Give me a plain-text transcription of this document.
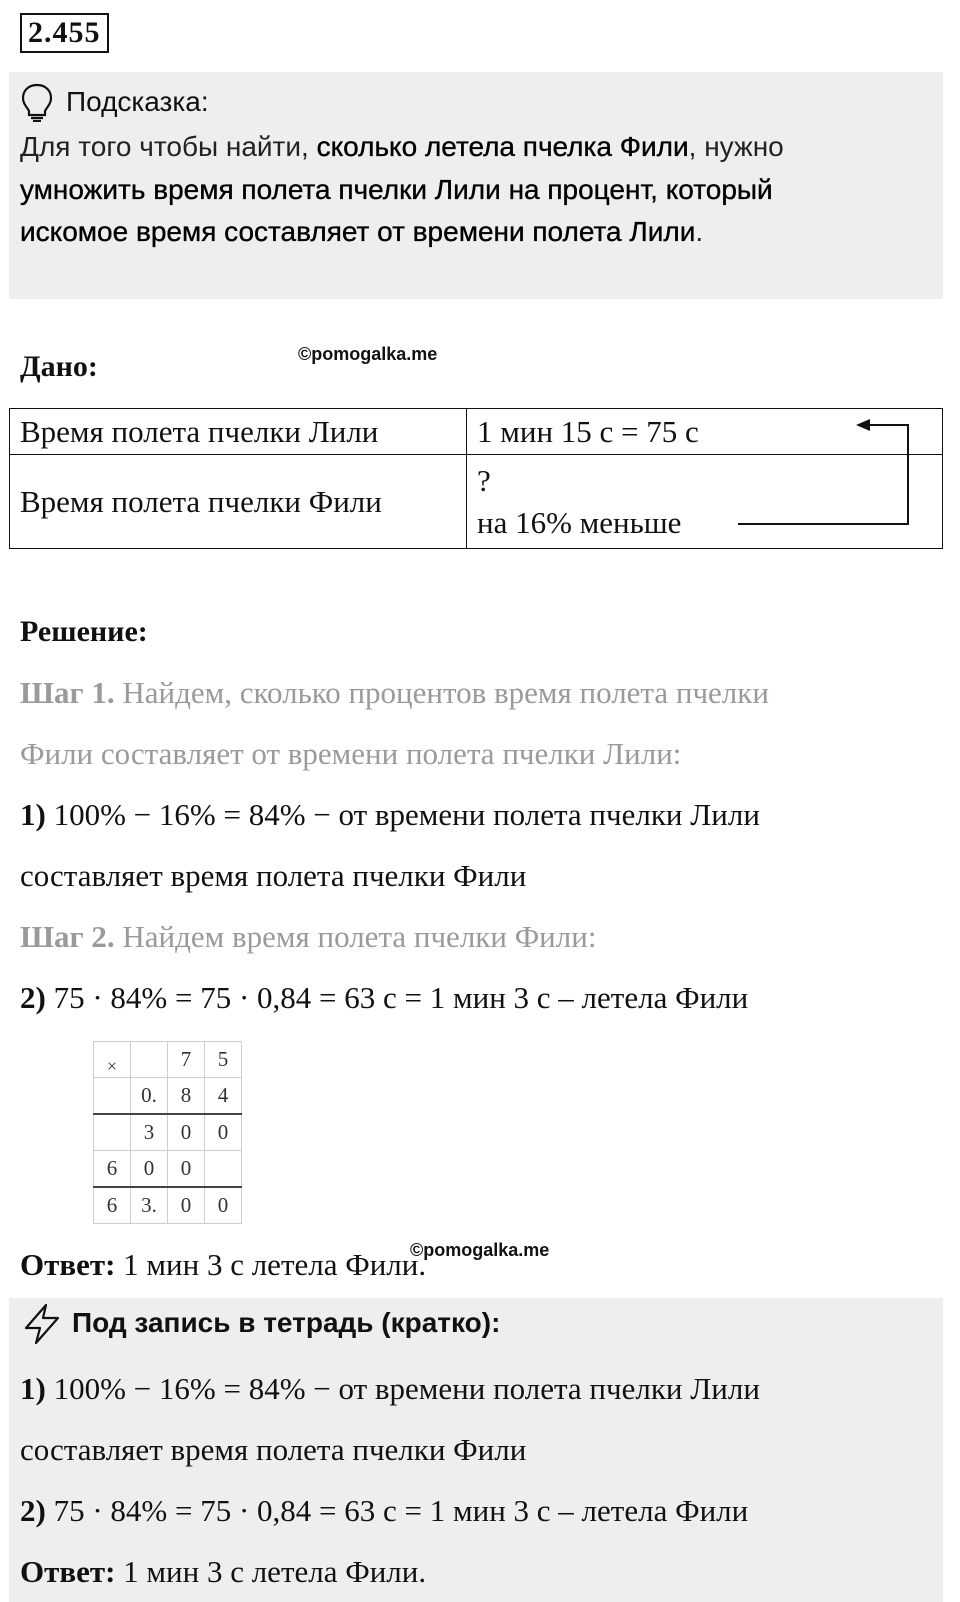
2.455
Подсказка:
Для того чтобы найти, сколько летела пчелка Фили, нужно
умножить время полета пчелки Лили на процент, который
искомое время составляет от времени полета Лили.
Дано:	©pomogalka.me
Время полета пчелки Лили	1 мин 15 с = 75 с
Время полета пчелки Фили	?
на 16% меньше
Решение:
Шаг 1. Найдем, сколько процентов время полета пчелки
Фили составляет от времени полета пчелки Лили:
1) 100% − 16% = 84% − от времени полета пчелки Лили
составляет время полета пчелки Фили
Шаг 2. Найдем время полета пчелки Фили:
2) 75 · 84% = 75 · 0,84 = 63 с = 1 мин 3 с – летела Фили
×		7	5
	0.	8	4
	3	0	0
6	0	0	
6	3.	0	0
Ответ: 1 мин 3 с летела Фили.
©pomogalka.me
Под запись в тетрадь (кратко):
1) 100% − 16% = 84% − от времени полета пчелки Лили
составляет время полета пчелки Фили
2) 75 · 84% = 75 · 0,84 = 63 с = 1 мин 3 с – летела Фили
Ответ: 1 мин 3 с летела Фили.
